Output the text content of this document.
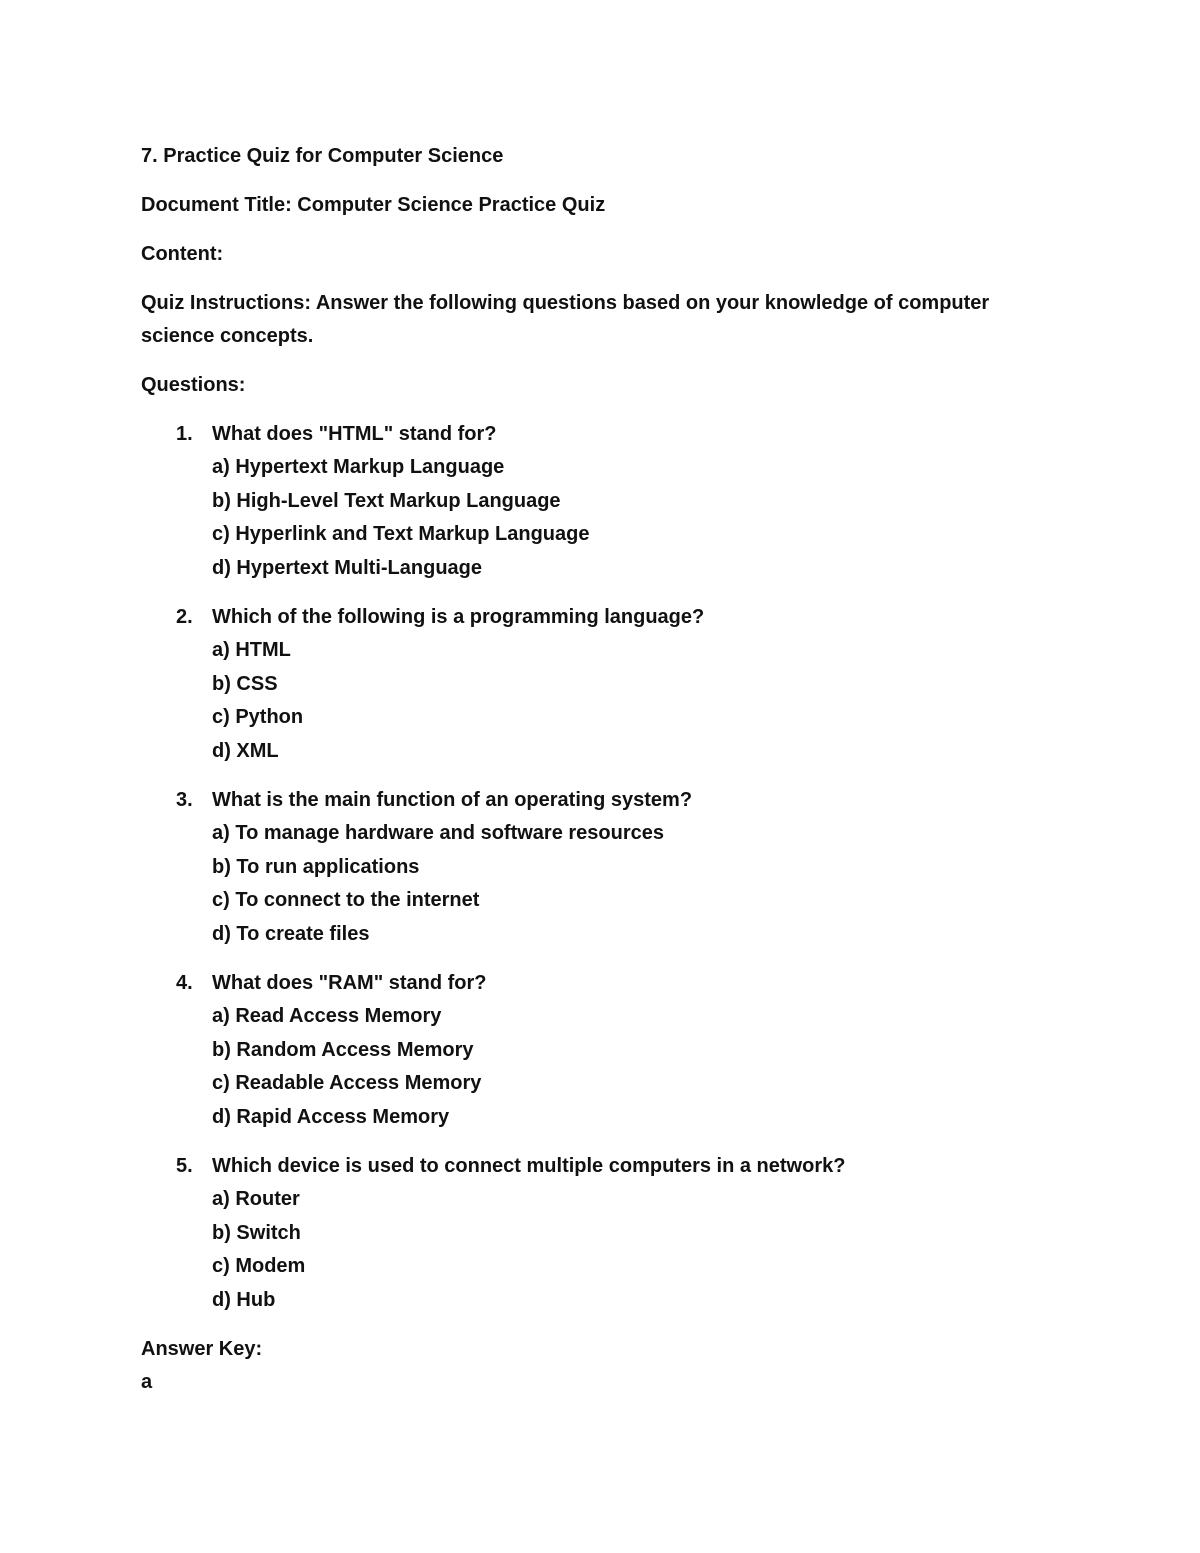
7. Practice Quiz for Computer Science

Document Title: Computer Science Practice Quiz

Content:

Quiz Instructions: Answer the following questions based on your knowledge of computer science concepts.

Questions:

1. What does "HTML" stand for?
a) Hypertext Markup Language
b) High-Level Text Markup Language
c) Hyperlink and Text Markup Language
d) Hypertext Multi-Language
2. Which of the following is a programming language?
a) HTML
b) CSS
c) Python
d) XML
3. What is the main function of an operating system?
a) To manage hardware and software resources
b) To run applications
c) To connect to the internet
d) To create files
4. What does "RAM" stand for?
a) Read Access Memory
b) Random Access Memory
c) Readable Access Memory
d) Rapid Access Memory
5. Which device is used to connect multiple computers in a network?
a) Router
b) Switch
c) Modem
d) Hub

Answer Key:

a
